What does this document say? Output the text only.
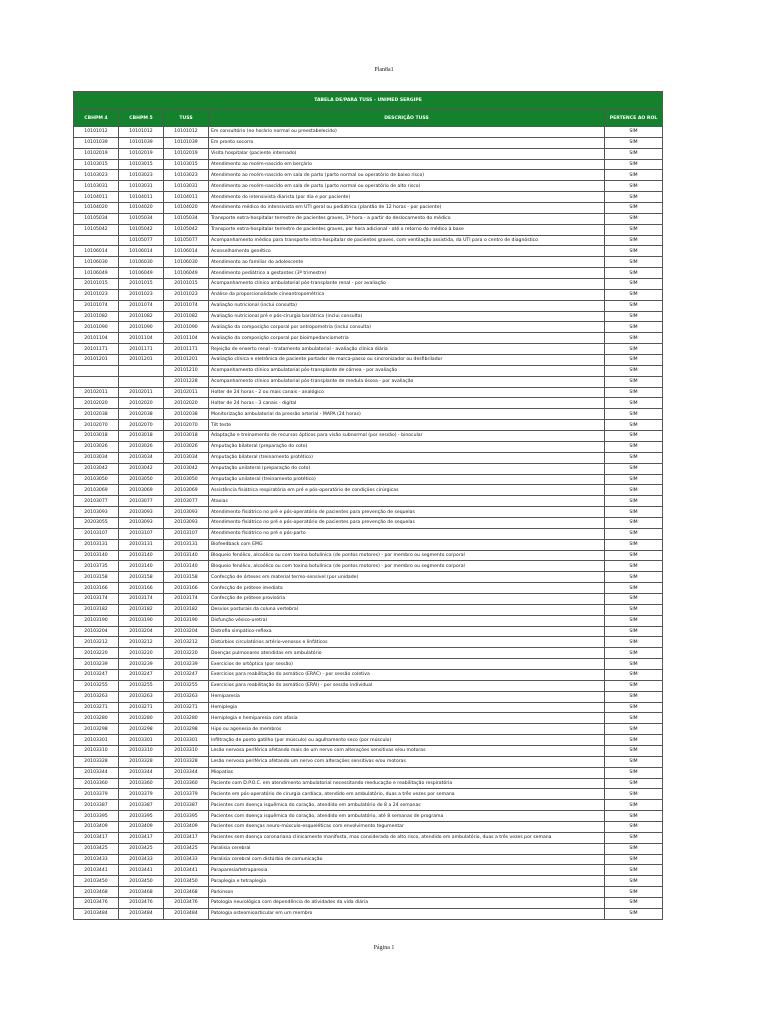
Plan8a1
TABELA DE/PARA TUSS - UNIMED SERGIPE				
CBHPM 4	CBHPM 5	TUSS	DESCRIÇÃO TUSS	PERTENCE AO ROL
10101012	10101012	10101012	Em consultório (no horário normal ou preestabelecido)	SIM
10101039	10101039	10101039	Em pronto socorro	SIM
10102019	10102019	10102019	Visita hospitalar (paciente internado)	SIM
10103015	10103015	10103015	Atendimento ao recém-nascido em berçário	SIM
10103023	10103023	10103023	Atendimento ao recém-nascido em sala de parto (parto normal ou operatório de baixo risco)	SIM
10103031	10103031	10103031	Atendimento ao recém-nascido em sala de parto (parto normal ou operatório de alto risco)	SIM
10104011	10104011	10104011	Atendimento do intensivista diarista (por dia e por paciente)	SIM
10104020	10104020	10104020	Atendimento médico do intensivista em UTI geral ou pediátrica (plantão de 12 horas - por paciente)	SIM
10105034	10105034	10105034	Transporte extra-hospitalar terrestre de pacientes graves, 1ª hora - a partir do deslocamento do médico	SIM
10105042	10105042	10105042	Transporte extra-hospitalar terrestre de pacientes graves, por hora adicional - até o retorno do médico à base	SIM
	10105077	10105077	Acompanhamento médico para transporte intra-hospitalar de pacientes graves, com ventilação assistida, da UTI para o centro de diagnóstico	SIM
10106014	10106014	10106014	Aconselhamento genético	SIM
10106030	10106030	10106030	Atendimento ao familiar do adolescente	SIM
10106049	10106049	10106049	Atendimento pediátrico a gestantes (3º trimestre)	SIM
20101015	20101015	20101015	Acompanhamento clínico ambulatorial pós-transplante renal - por avaliação	SIM
20101023	20101023	20101023	Análise da proporcionalidade cineantropométrica	SIM
20101074	20101074	20101074	Avaliação nutricional (inclui consulta)	SIM
20101082	20101082	20101082	Avaliação nutricional pré e pós-cirurgia bariátrica (inclui consulta)	SIM
20101090	20101090	20101090	Avaliação da composição corporal por antropometria (inclui consulta)	SIM
20101104	20101104	20101104	Avaliação da composição corporal por bioimpedanciometria	SIM
20101171	20101171	20101171	Rejeição de enxerto renal - tratamento ambulatorial - avaliação clínica diária	SIM
20101201	20101201	20101201	Avaliação clínica e eletrônica de paciente portador de marca-passo ou sincronizador ou desfibrilador	SIM
		20101210	Acompanhamento clínico ambulatorial pós-transplante de córnea - por avaliação	SIM
		20101228	Acompanhamento clínico ambulatorial pós-transplante de medula óssea - por avaliação	SIM
20102011	20102011	20102011	Holter de 24 horas - 2 ou mais canais - analógico	SIM
20102020	20102020	20102020	Holter de 24 horas - 3 canais - digital	SIM
20102038	20102038	20102038	Monitorização ambulatorial da pressão arterial - MAPA (24 horas)	SIM
20102070	20102070	20102070	Tilt teste	SIM
20103018	20103018	20103018	Adaptação e treinamento de recursos ópticos para visão subnormal (por sessão) - binocular	SIM
20103026	20103026	20103026	Amputação bilateral (preparação do coto)	SIM
20103034	20103034	20103034	Amputação bilateral (treinamento protético)	SIM
20103042	20103042	20103042	Amputação unilateral (preparação do coto)	SIM
20103050	20103050	20103050	Amputação unilateral (treinamento protético)	SIM
20103069	20103069	20103069	Assistência fisiátrica respiratória em pré e pós-operatório de condições cirúrgicas	SIM
20103077	20103077	20103077	Ataxias	SIM
20103093	20103093	20103093	Atendimento fisiátrico no pré e pós-operatório de pacientes para prevenção de sequelas	SIM
20203055	20103093	20103093	Atendimento fisiátrico no pré e pós-operatório de pacientes para prevenção de sequelas	SIM
20103107	20103107	20103107	Atendimento fisiátrico no pré e pós-parto	SIM
20103131	20103131	20103131	Biofeedback com EMG	SIM
20103140	20103140	20103140	Bloqueio fenólico, alcoólico ou com toxina botulínica (de pontos motores) - por membro ou segmento corporal	SIM
20103735	20103140	20103140	Bloqueio fenólico, alcoólico ou com toxina botulínica (de pontos motores) - por membro ou segmento corporal	SIM
20103158	20103158	20103158	Confecção de órteses em material termo-sensível (por unidade)	SIM
20103166	20103166	20103166	Confecção de prótese imediata	SIM
20103174	20103174	20103174	Confecção de prótese provisória	SIM
20103182	20103182	20103182	Desvios posturais da coluna vertebral	SIM
20103190	20103190	20103190	Disfunção vésico-uretral	SIM
20103204	20103204	20103204	Distrofia simpático-reflexa	SIM
20103212	20103212	20103212	Distúrbios circulatórios artério-venosos e linfáticos	SIM
20103220	20103220	20103220	Doenças pulmonares atendidas em ambulatório	SIM
20103239	20103239	20103239	Exercícios de ortóptica (por sessão)	SIM
20103247	20103247	20103247	Exercícios para reabilitação do asmático (ERAC) - por sessão coletiva	SIM
20103255	20103255	20103255	Exercícios para reabilitação do asmático (ERAI) - por sessão individual	SIM
20103263	20103263	20103263	Hemiparesia	SIM
20103271	20103271	20103271	Hemiplegia	SIM
20103280	20103280	20103280	Hemiplegia e hemiparesia com afasia	SIM
20103298	20103298	20103298	Hipo ou agenesia de membros	SIM
20103301	20103301	20103301	Infiltração de ponto gatilho (por músculo) ou agulhamento seco (por músculo)	SIM
20103310	20103310	20103310	Lesão nervosa periférica afetando mais de um nervo com alterações sensitivas e/ou motoras	SIM
20103328	20103328	20103328	Lesão nervosa periférica afetando um nervo com alterações sensitivas e/ou motoras	SIM
20103344	20103344	20103344	Miopatias	SIM
20103360	20103360	20103360	Paciente com D.P.O.C. em atendimento ambulatorial necessitando reeducação e reabilitação respiratória	SIM
20103379	20103379	20103379	Paciente em pós-operatório de cirurgia cardíaca, atendido em ambulatório, duas a três vezes por semana	SIM
20103387	20103387	20103387	Pacientes com doença isquêmica do coração, atendido em ambulatório de 8 a 24 semanas	SIM
20103395	20103395	20103395	Pacientes com doença isquêmica do coração, atendido em ambulatório, até 8 semanas de programa	SIM
20103409	20103409	20103409	Pacientes com doenças neuro-músculo-esqueléticas com envolvimento tegumentar	SIM
20103417	20103417	20103417	Pacientes sem doença coronariana clinicamente manifesta, mas considerada de alto risco, atendido em ambulatório, duas a três vezes por semana	SIM
20103425	20103425	20103425	Paralisia cerebral	SIM
20103433	20103433	20103433	Paralisia cerebral com distúrbio de comunicação	SIM
20103441	20103441	20103441	Paraparesia/tetraparesia	SIM
20103450	20103450	20103450	Paraplegia e tetraplegia	SIM
20103468	20103468	20103468	Parkinson	SIM
20103476	20103476	20103476	Patologia neurológica com dependência de atividades da vida diária	SIM
20103484	20103484	20103484	Patologia osteomioarticular em um membro	SIM
Página 1
